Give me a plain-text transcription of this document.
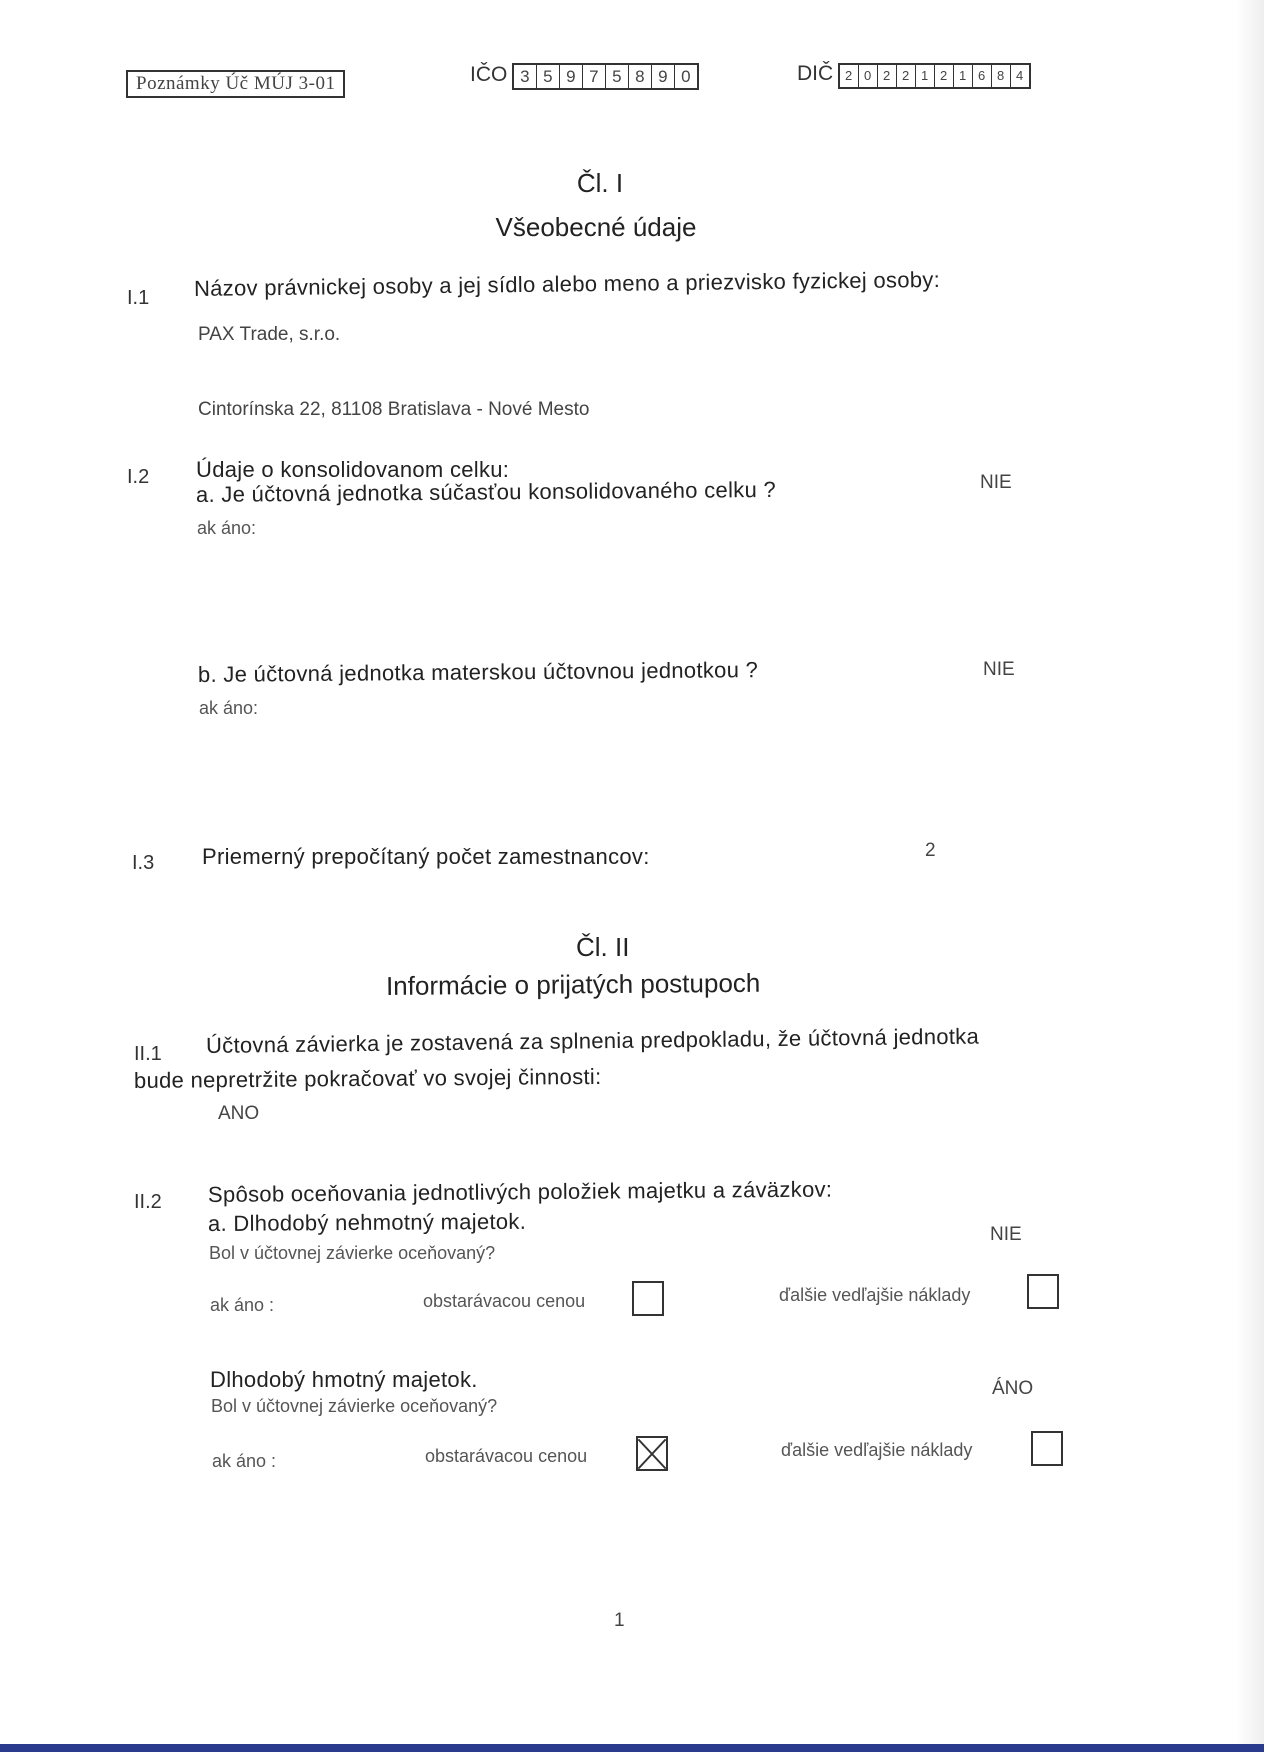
Poznámky Úč MÚJ 3-01	IČO 3 5 9 7 5 8 9 0	DIČ 2 0 2 2 1 2 1 6 8 4
Čl. I
Všeobecné údaje
I.1 Názov právnickej osoby a jej sídlo alebo meno a priezvisko fyzickej osoby:
PAX Trade, s.r.o.
Cintorínska 22, 81108 Bratislava - Nové Mesto
I.2 Údaje o konsolidovanom celku:
a. Je účtovná jednotka súčasťou konsolidovaného celku ?	NIE
ak áno:
b. Je účtovná jednotka materskou účtovnou jednotkou ?	NIE
ak áno:
I.3 Priemerný prepočítaný počet zamestnancov:	2
Čl. II
Informácie o prijatých postupoch
II.1 Účtovná závierka je zostavená za splnenia predpokladu, že účtovná jednotka
bude nepretržite pokračovať vo svojej činnosti:
ANO
II.2 Spôsob oceňovania jednotlivých položiek majetku a záväzkov:
a. Dlhodobý nehmotný majetok.	NIE
Bol v účtovnej závierke oceňovaný?
ak áno :	obstarávacou cenou	ďalšie vedľajšie náklady
Dlhodobý hmotný majetok.	ÁNO
Bol v účtovnej závierke oceňovaný?
ak áno :	obstarávacou cenou	ďalšie vedľajšie náklady
1
